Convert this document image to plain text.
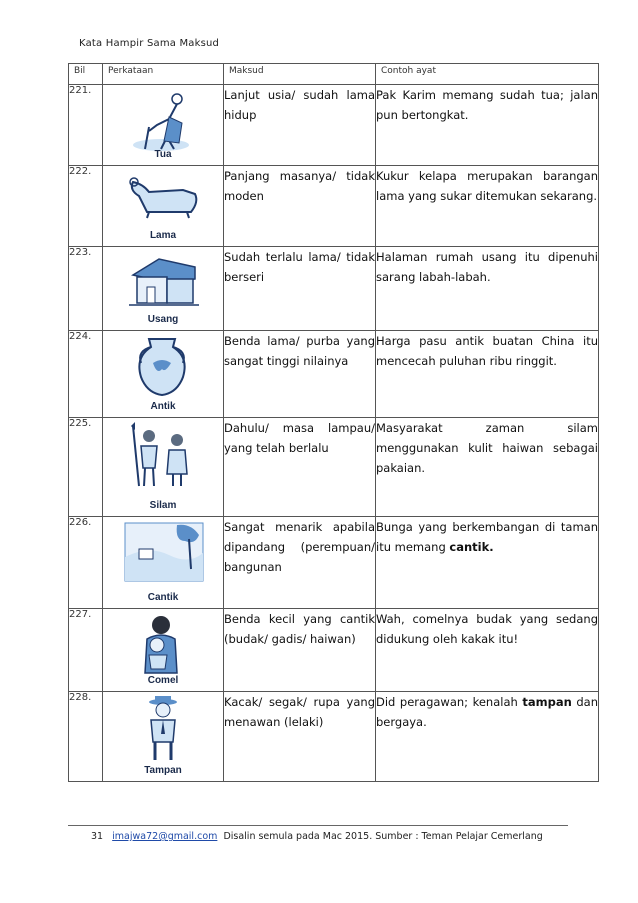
Kata Hampir Sama Maksud
Bil	Perkataan	Maksud	Contoh ayat
221.	Tua	Lanjut usia/ sudah lama hidup	Pak Karim memang sudah tua; jalan pun bertongkat.

222.	Lama	Panjang masanya/ tidak moden	Kukur kelapa merupakan barangan lama yang sukar ditemukan sekarang.

223.	Usang	Sudah terlalu lama/ tidak berseri	Halaman rumah usang itu dipenuhi sarang labah-labah.

224.	Antik	Benda lama/ purba yang sangat tinggi nilainya	Harga pasu antik buatan China itu mencecah puluhan ribu ringgit.

225.	Silam	Dahulu/ masa lampau/ yang telah berlalu	Masyarakat zaman silam menggunakan kulit haiwan sebagai pakaian.

226.	Cantik	Sangat menarik apabila dipandang (perempuan/ bangunan	Bunga yang berkembangan di taman itu memang cantik.

227.	Comel	Benda kecil yang cantik (budak/ gadis/ haiwan)	Wah, comelnya budak yang sedang didukung oleh kakak itu!

228.	Tampan	Kacak/ segak/ rupa yang menawan (lelaki)	Did peragawan; kenalah tampan dan bergaya.
31 imajwa72@gmail.com Disalin semula pada Mac 2015. Sumber : Teman Pelajar Cemerlang
